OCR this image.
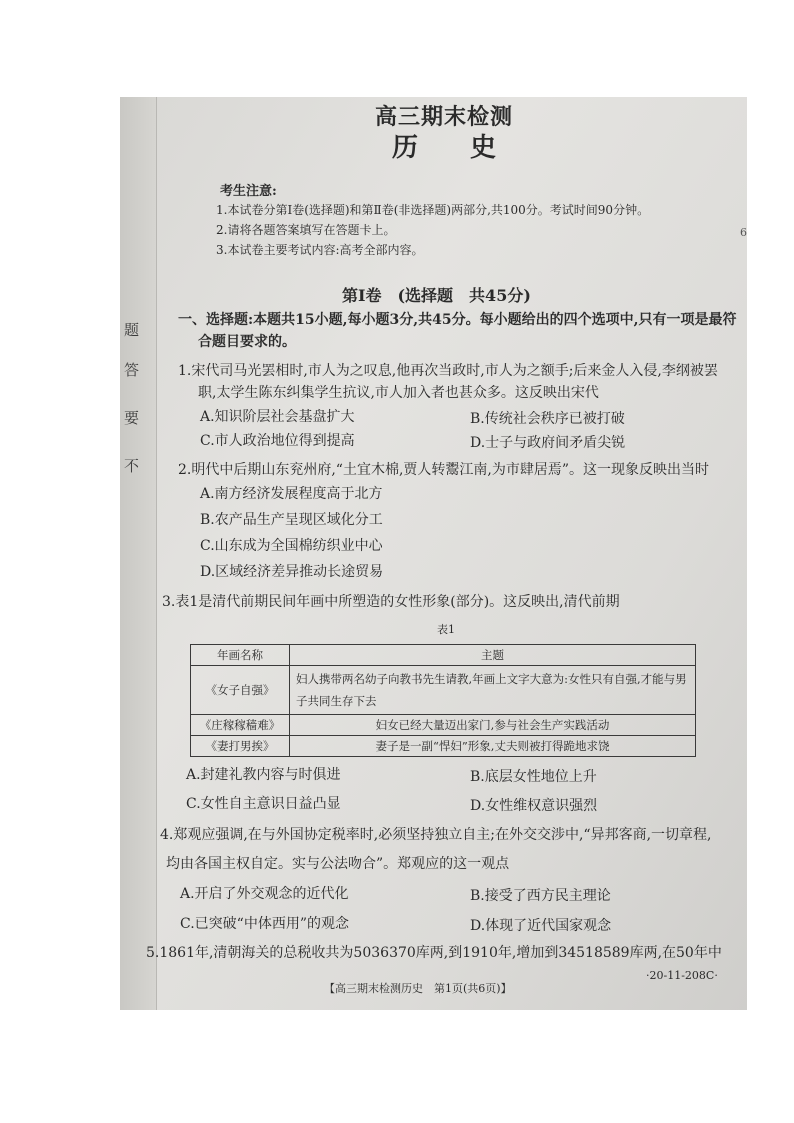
题
答
要
不
高三期末检测
历　　史
考生注意:
1.本试卷分第Ⅰ卷(选择题)和第Ⅱ卷(非选择题)两部分,共100分。考试时间90分钟。
2.请将各题答案填写在答题卡上。
3.本试卷主要考试内容:高考全部内容。
第Ⅰ卷　(选择题　共45分)
一、选择题:本题共15小题,每小题3分,共45分。每小题给出的四个选项中,只有一项是最符
合题目要求的。
1.宋代司马光罢相时,市人为之叹息,他再次当政时,市人为之额手;后来金人入侵,李纲被罢
职,太学生陈东纠集学生抗议,市人加入者也甚众多。这反映出宋代
A.知识阶层社会基盘扩大	B.传统社会秩序已被打破
C.市人政治地位得到提高	D.士子与政府间矛盾尖锐
2.明代中后期山东兖州府,“土宜木棉,贾人转鬻江南,为市肆居焉”。这一现象反映出当时
A.南方经济发展程度高于北方
B.农产品生产呈现区域化分工
C.山东成为全国棉纺织业中心
D.区域经济差异推动长途贸易
3.表1是清代前期民间年画中所塑造的女性形象(部分)。这反映出,清代前期
表1
年画名称	主题
《女子自强》	妇人携带两名幼子向教书先生请教,年画上文字大意为:女性只有自强,才能与男子共同生存下去
《庄稼稼穑难》	妇女已经大量迈出家门,参与社会生产实践活动
《妻打男挨》	妻子是一副“悍妇”形象,丈夫则被打得跪地求饶
A.封建礼教内容与时俱进	B.底层女性地位上升
C.女性自主意识日益凸显	D.女性维权意识强烈
4.郑观应强调,在与外国协定税率时,必须坚持独立自主;在外交交涉中,“异邦客商,一切章程,
均由各国主权自定。实与公法吻合”。郑观应的这一观点
A.开启了外交观念的近代化	B.接受了西方民主理论
C.已突破“中体西用”的观念	D.体现了近代国家观念
5.1861年,清朝海关的总税收共为5036370库两,到1910年,增加到34518589库两,在50年中
【高三期末检测历史　第1页(共6页)】
·20-11-208C·
6
